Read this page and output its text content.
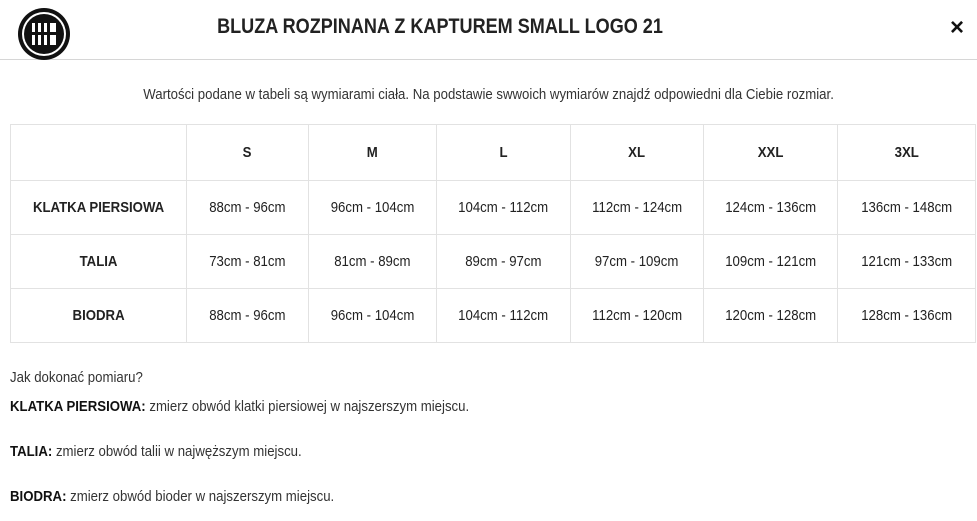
BLUZA ROZPINANA Z KAPTUREM SMALL LOGO 21	×
Wartości podane w tabeli są wymiarami ciała. Na podstawie swwoich wymiarów znajdź odpowiedni dla Ciebie rozmiar.
	S	M	L	XL	XXL	3XL
KLATKA PIERSIOWA	88cm - 96cm	96cm - 104cm	104cm - 112cm	112cm - 124cm	124cm - 136cm	136cm - 148cm
TALIA	73cm - 81cm	81cm - 89cm	89cm - 97cm	97cm - 109cm	109cm - 121cm	121cm - 133cm
BIODRA	88cm - 96cm	96cm - 104cm	104cm - 112cm	112cm - 120cm	120cm - 128cm	128cm - 136cm
Jak dokonać pomiaru?
KLATKA PIERSIOWA: zmierz obwód klatki piersiowej w najszerszym miejscu.
TALIA: zmierz obwód talii w najwęższym miejscu.
BIODRA: zmierz obwód bioder w najszerszym miejscu.
